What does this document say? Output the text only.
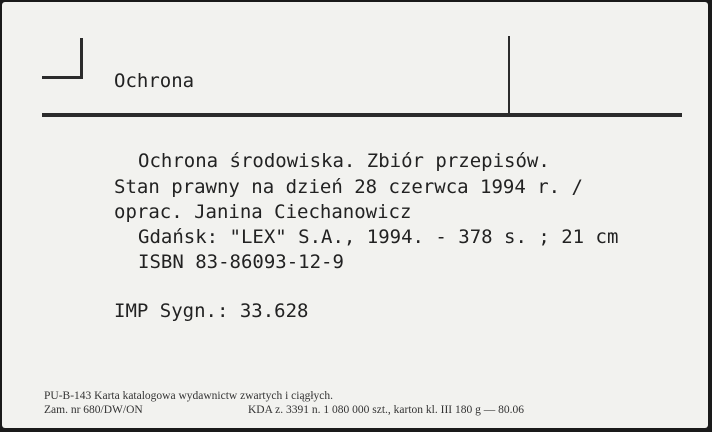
Ochrona
Ochrona środowiska. Zbiór przepisów.
Stan prawny na dzień 28 czerwca 1994 r. /
oprac. Janina Ciechanowicz
Gdańsk: "LEX" S.A., 1994. - 378 s. ; 21 cm
ISBN 83-86093-12-9
IMP Sygn.: 33.628
PU-B-143 Karta katalogowa wydawnictw zwartych i ciągłych.
Zam. nr 680/DW/ON	KDA z. 3391 n. 1 080 000 szt., karton kl. III 180 g — 80.06
